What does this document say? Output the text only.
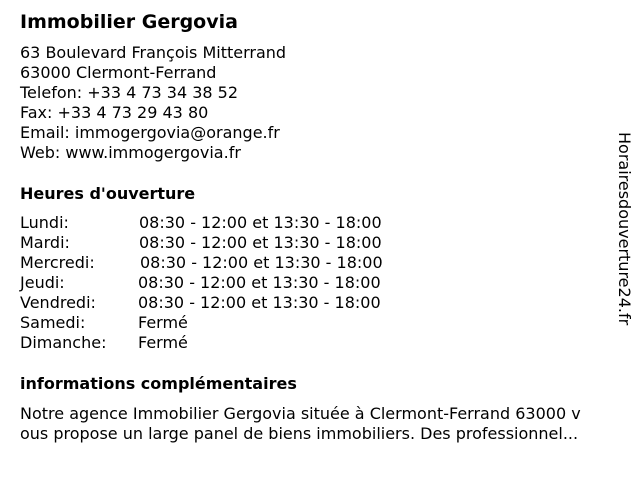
Immobilier Gergovia
63 Boulevard François Mitterrand
63000 Clermont-Ferrand
Telefon: +33 4 73 34 38 52
Fax: +33 4 73 29 43 80
Email: immogergovia@orange.fr
Web: www.immogergovia.fr
Heures d'ouverture
Lundi:	08:30 - 12:00 et 13:30 - 18:00
Mardi:	08:30 - 12:00 et 13:30 - 18:00
Mercredi:	08:30 - 12:00 et 13:30 - 18:00
Jeudi:	08:30 - 12:00 et 13:30 - 18:00
Vendredi:	08:30 - 12:00 et 13:30 - 18:00
Samedi:	Fermé
Dimanche: Fermé
informations complémentaires
Notre agence Immobilier Gergovia située à Clermont-Ferrand 63000 v
ous propose un large panel de biens immobiliers. Des professionnel...
Horairesdouverture24.fr
